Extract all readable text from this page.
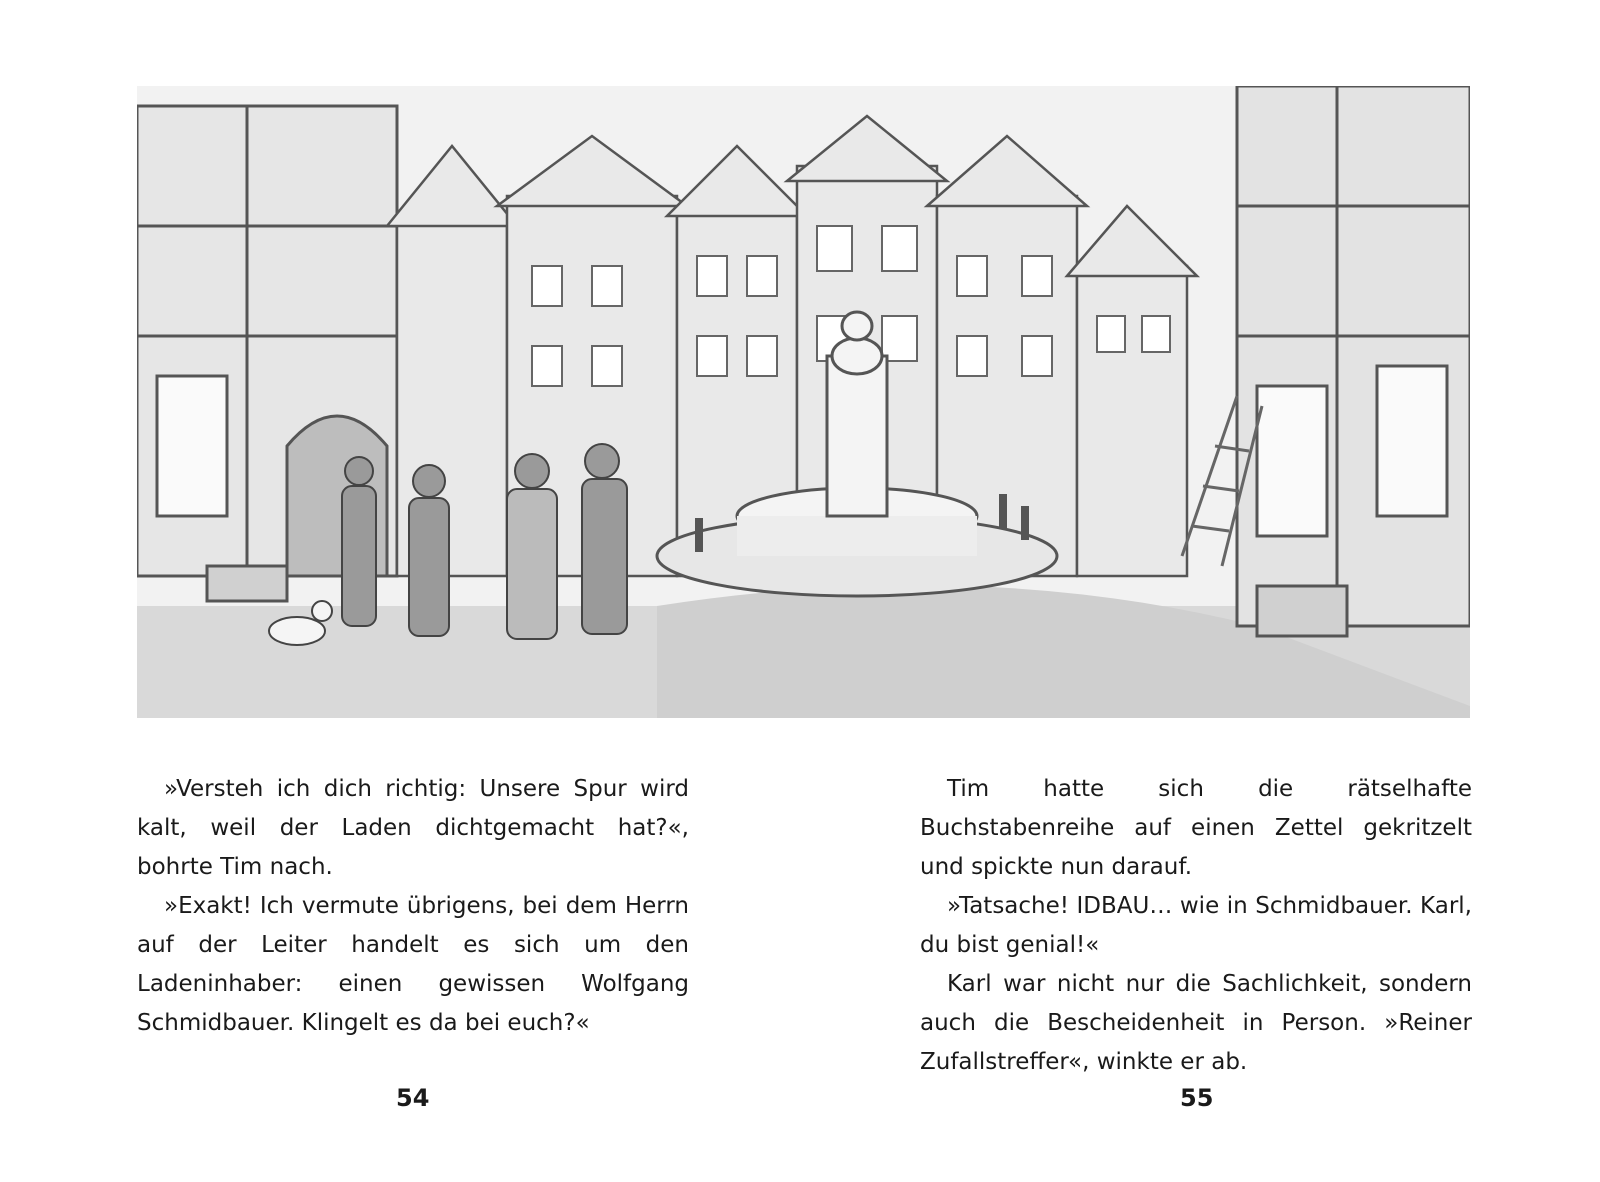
»Versteh ich dich richtig: Unsere Spur wird kalt, weil der Laden dichtgemacht hat?«, bohrte Tim nach.

»Exakt! Ich vermute übrigens, bei dem Herrn auf der Leiter handelt es sich um den Ladeninhaber: einen gewissen Wolfgang Schmidbauer. Klingelt es da bei euch?«

Tim hatte sich die rätselhafte Buchstabenreihe auf einen Zettel gekritzelt und spickte nun darauf.

»Tatsache! IDBAU… wie in Schmidbauer. Karl, du bist genial!«

Karl war nicht nur die Sachlichkeit, sondern auch die Bescheidenheit in Person. »Reiner Zufallstreffer«, winkte er ab.

54	55
